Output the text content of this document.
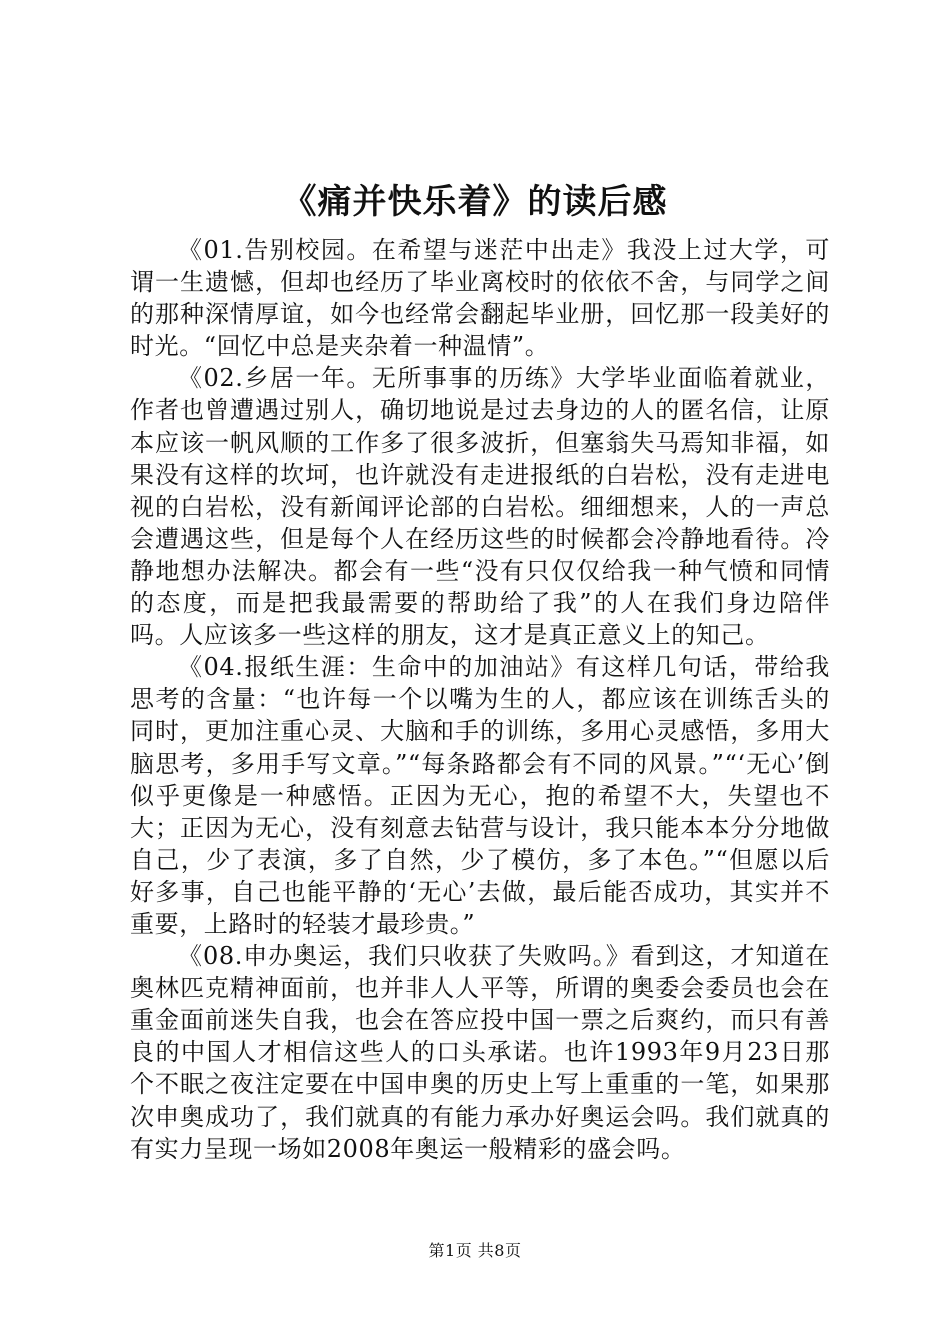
《痛并快乐着》的读后感

《01.告别校园。在希望与迷茫中出走》我没上过大学，可谓一生遗憾，但却也经历了毕业离校时的依依不舍，与同学之间的那种深情厚谊，如今也经常会翻起毕业册，回忆那一段美好的时光。“回忆中总是夹杂着一种温情”。

《02.乡居一年。无所事事的历练》大学毕业面临着就业，作者也曾遭遇过别人，确切地说是过去身边的人的匿名信，让原本应该一帆风顺的工作多了很多波折，但塞翁失马焉知非福，如果没有这样的坎坷，也许就没有走进报纸的白岩松，没有走进电视的白岩松，没有新闻评论部的白岩松。细细想来，人的一声总会遭遇这些，但是每个人在经历这些的时候都会冷静地看待。冷静地想办法解决。都会有一些“没有只仅仅给我一种气愤和同情的态度，而是把我最需要的帮助给了我”的人在我们身边陪伴吗。人应该多一些这样的朋友，这才是真正意义上的知己。

《04.报纸生涯：生命中的加油站》有这样几句话，带给我思考的含量：“也许每一个以嘴为生的人，都应该在训练舌头的同时，更加注重心灵、大脑和手的训练，多用心灵感悟，多用大脑思考，多用手写文章。”“每条路都会有不同的风景。”“‘无心’倒似乎更像是一种感悟。正因为无心，抱的希望不大，失望也不大；正因为无心，没有刻意去钻营与设计，我只能本本分分地做自己，少了表演，多了自然，少了模仿，多了本色。”“但愿以后好多事，自己也能平静的‘无心’去做，最后能否成功，其实并不重要，上路时的轻装才最珍贵。”

《08.申办奥运，我们只收获了失败吗。》看到这，才知道在奥林匹克精神面前，也并非人人平等，所谓的奥委会委员也会在重金面前迷失自我，也会在答应投中国一票之后爽约，而只有善良的中国人才相信这些人的口头承诺。也许1993年9月23日那个不眠之夜注定要在中国申奥的历史上写上重重的一笔，如果那次申奥成功了，我们就真的有能力承办好奥运会吗。我们就真的有实力呈现一场如2008年奥运一般精彩的盛会吗。

第1页 共8页
